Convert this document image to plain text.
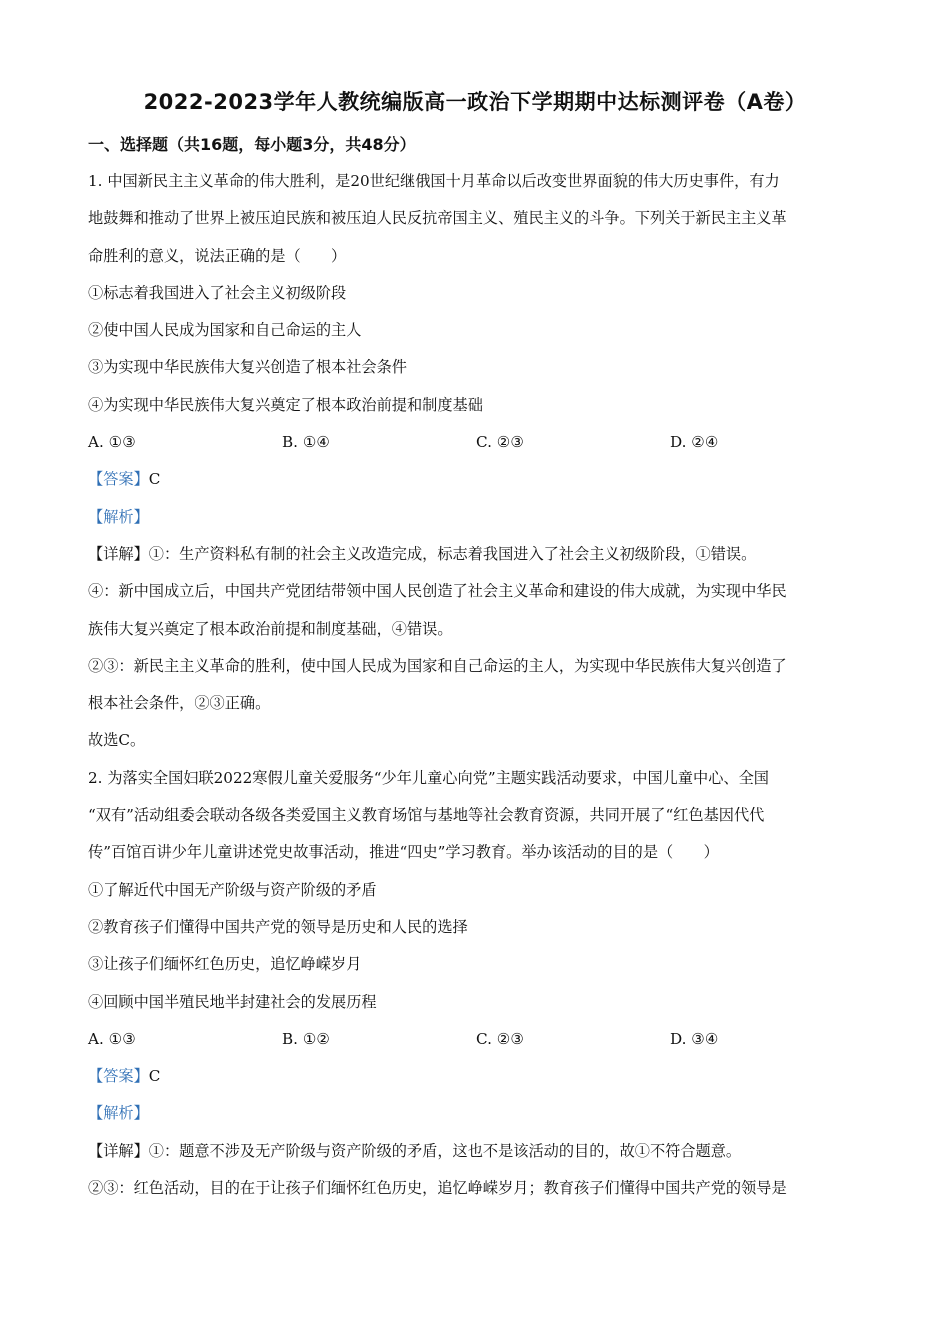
2022-2023学年人教统编版高一政治下学期期中达标测评卷（A卷）
一、选择题（共16题，每小题3分，共48分）
1. 中国新民主主义革命的伟大胜利，是20世纪继俄国十月革命以后改变世界面貌的伟大历史事件，有力
地鼓舞和推动了世界上被压迫民族和被压迫人民反抗帝国主义、殖民主义的斗争。下列关于新民主主义革
命胜利的意义，说法正确的是（　　）
①标志着我国进入了社会主义初级阶段
②使中国人民成为国家和自己命运的主人
③为实现中华民族伟大复兴创造了根本社会条件
④为实现中华民族伟大复兴奠定了根本政治前提和制度基础
A. ①③	B. ①④	C. ②③	D. ②④
【答案】C
【解析】
【详解】①：生产资料私有制的社会主义改造完成，标志着我国进入了社会主义初级阶段，①错误。
④：新中国成立后，中国共产党团结带领中国人民创造了社会主义革命和建设的伟大成就，为实现中华民
族伟大复兴奠定了根本政治前提和制度基础，④错误。
②③：新民主主义革命的胜利，使中国人民成为国家和自己命运的主人，为实现中华民族伟大复兴创造了
根本社会条件，②③正确。
故选C。
2. 为落实全国妇联2022寒假儿童关爱服务“少年儿童心向党”主题实践活动要求，中国儿童中心、全国
“双有”活动组委会联动各级各类爱国主义教育场馆与基地等社会教育资源，共同开展了“红色基因代代
传”百馆百讲少年儿童讲述党史故事活动，推进“四史”学习教育。举办该活动的目的是（　　）
①了解近代中国无产阶级与资产阶级的矛盾
②教育孩子们懂得中国共产党的领导是历史和人民的选择
③让孩子们缅怀红色历史，追忆峥嵘岁月
④回顾中国半殖民地半封建社会的发展历程
A. ①③	B. ①②	C. ②③	D. ③④
【答案】C
【解析】
【详解】①：题意不涉及无产阶级与资产阶级的矛盾，这也不是该活动的目的，故①不符合题意。
②③：红色活动，目的在于让孩子们缅怀红色历史，追忆峥嵘岁月；教育孩子们懂得中国共产党的领导是
